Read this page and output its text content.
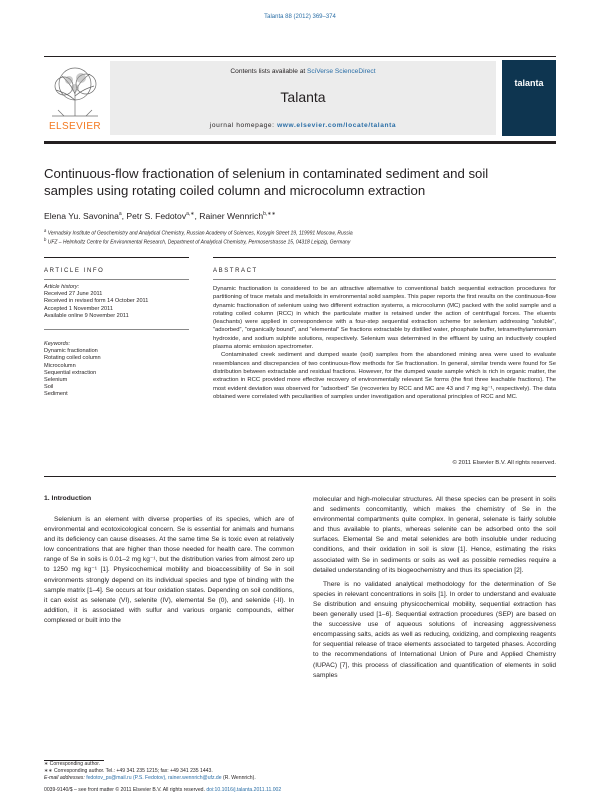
Talanta 88 (2012) 369–374
ELSEVIER
Contents lists available at SciVerse ScienceDirect
Talanta
journal homepage: www.elsevier.com/locate/talanta
talanta
Continuous-flow fractionation of selenium in contaminated sediment and soil
samples using rotating coiled column and microcolumn extraction
Elena Yu. Savonina$^a$, Petr S. Fedotov$^{a,∗}$, Rainer Wennrich$^{b,∗∗}$
$^a$ Vernadsky Institute of Geochemistry and Analytical Chemistry, Russian Academy of Sciences, Kosygin Street 19, 119991 Moscow, Russia
$^b$ UFZ – Helmholtz Centre for Environmental Research, Department of Analytical Chemistry, Permoserstrasse 15, 04318 Leipzig, Germany
ARTICLE INFO	ABSTRACT
Article history:
Received 27 June 2011
Received in revised form 14 October 2011
Accepted 1 November 2011
Available online 9 November 2011
Keywords:
Dynamic fractionation
Rotating coiled column
Microcolumn
Sequential extraction
Selenium
Soil
Sediment

Dynamic fractionation is considered to be an attractive alternative to conventional batch sequential extraction procedures for partitioning of trace metals and metalloids in environmental solid samples. This paper reports the first results on the continuous-flow dynamic fractionation of selenium using two different extraction systems, a microcolumn (MC) packed with the solid sample and a rotating coiled column (RCC) in which the particulate matter is retained under the action of centrifugal forces. The eluents (leachants) were applied in correspondence with a four-step sequential extraction scheme for selenium addressing “soluble”, “adsorbed”, “organically bound”, and “elemental” Se fractions extractable by distilled water, phosphate buffer, tetramethylammonium hydroxide, and sodium sulphite solutions, respectively. Selenium was determined in the effluent by using an inductively coupled plasma atomic emission spectrometer.

Contaminated creek sediment and dumped waste (soil) samples from the abandoned mining area were used to evaluate resemblances and discrepancies of two continuous-flow methods for Se fractionation. In general, similar trends were found for Se distribution between extractable and residual fractions. However, for the dumped waste sample which is rich in organic matter, the extraction in RCC provided more effective recovery of environmentally relevant Se forms (the first three leachable fractions). The most evident deviation was observed for “adsorbed” Se (recoveries by RCC and MC are 43 and 7 mg kg⁻¹, respectively). The data obtained were correlated with peculiarities of samples under investigation and operational principles of RCC and MC.

© 2011 Elsevier B.V. All rights reserved.
1. Introduction

Selenium is an element with diverse properties of its species, which are of environmental and ecotoxicological concern. Se is essential for animals and humans and its deficiency can cause diseases. At the same time Se is toxic even at relatively low concentrations that are higher than those needed for health care. The common range of Se in soils is 0.01–2 mg kg⁻¹, but the distribution varies from almost zero up to 1250 mg kg⁻¹ [1]. Physicochemical mobility and bioaccessibility of Se in soil environments strongly depend on its individual species and type of binding with the sample matrix [1–4]. Se occurs at four oxidation states. Depending on soil conditions, it can exist as selenate (VI), selenite (IV), elemental Se (0), and selenide (-II). In addition, it is associated with sulfur and various organic compounds, either complexed or built into the

molecular and high-molecular structures. All these species can be present in soils and sediments concomitantly, which makes the chemistry of Se in the environmental compartments quite complex. In general, selenate is fairly soluble and thus available to plants, whereas selenite can be adsorbed onto the soil surfaces. Elemental Se and metal selenides are both insoluble under reducing conditions, and their oxidation in soil is slow [1]. Hence, estimating the risks associated with Se in sediments or soils as well as possible remedies require a detailed understanding of its biogeochemistry and thus its speciation [2].

There is no validated analytical methodology for the determination of Se species in relevant concentrations in soils [1]. In order to understand and evaluate Se distribution and ensuing physicochemical mobility, sequential extraction has been generally used [1–6]. Sequential extraction procedures (SEP) are based on the successive use of aqueous solutions of increasing aggressiveness encompassing salts, acids as well as reducing, oxidizing, and complexing reagents for sequential release of trace elements associated to targeted phases. According to the recommendations of International Union of Pure and Applied Chemistry (IUPAC) [7], this process of classification and quantification of elements in solid samples

∗ Corresponding author.
∗∗ Corresponding author. Tel.: +49 341 235 1215; fax: +49 341 235 1443.
E-mail addresses: fedotov_ps@mail.ru (P.S. Fedotov), rainer.wennrich@ufz.de (R. Wennrich).
0039-9140/$ – see front matter © 2011 Elsevier B.V. All rights reserved. doi:10.1016/j.talanta.2011.11.002
